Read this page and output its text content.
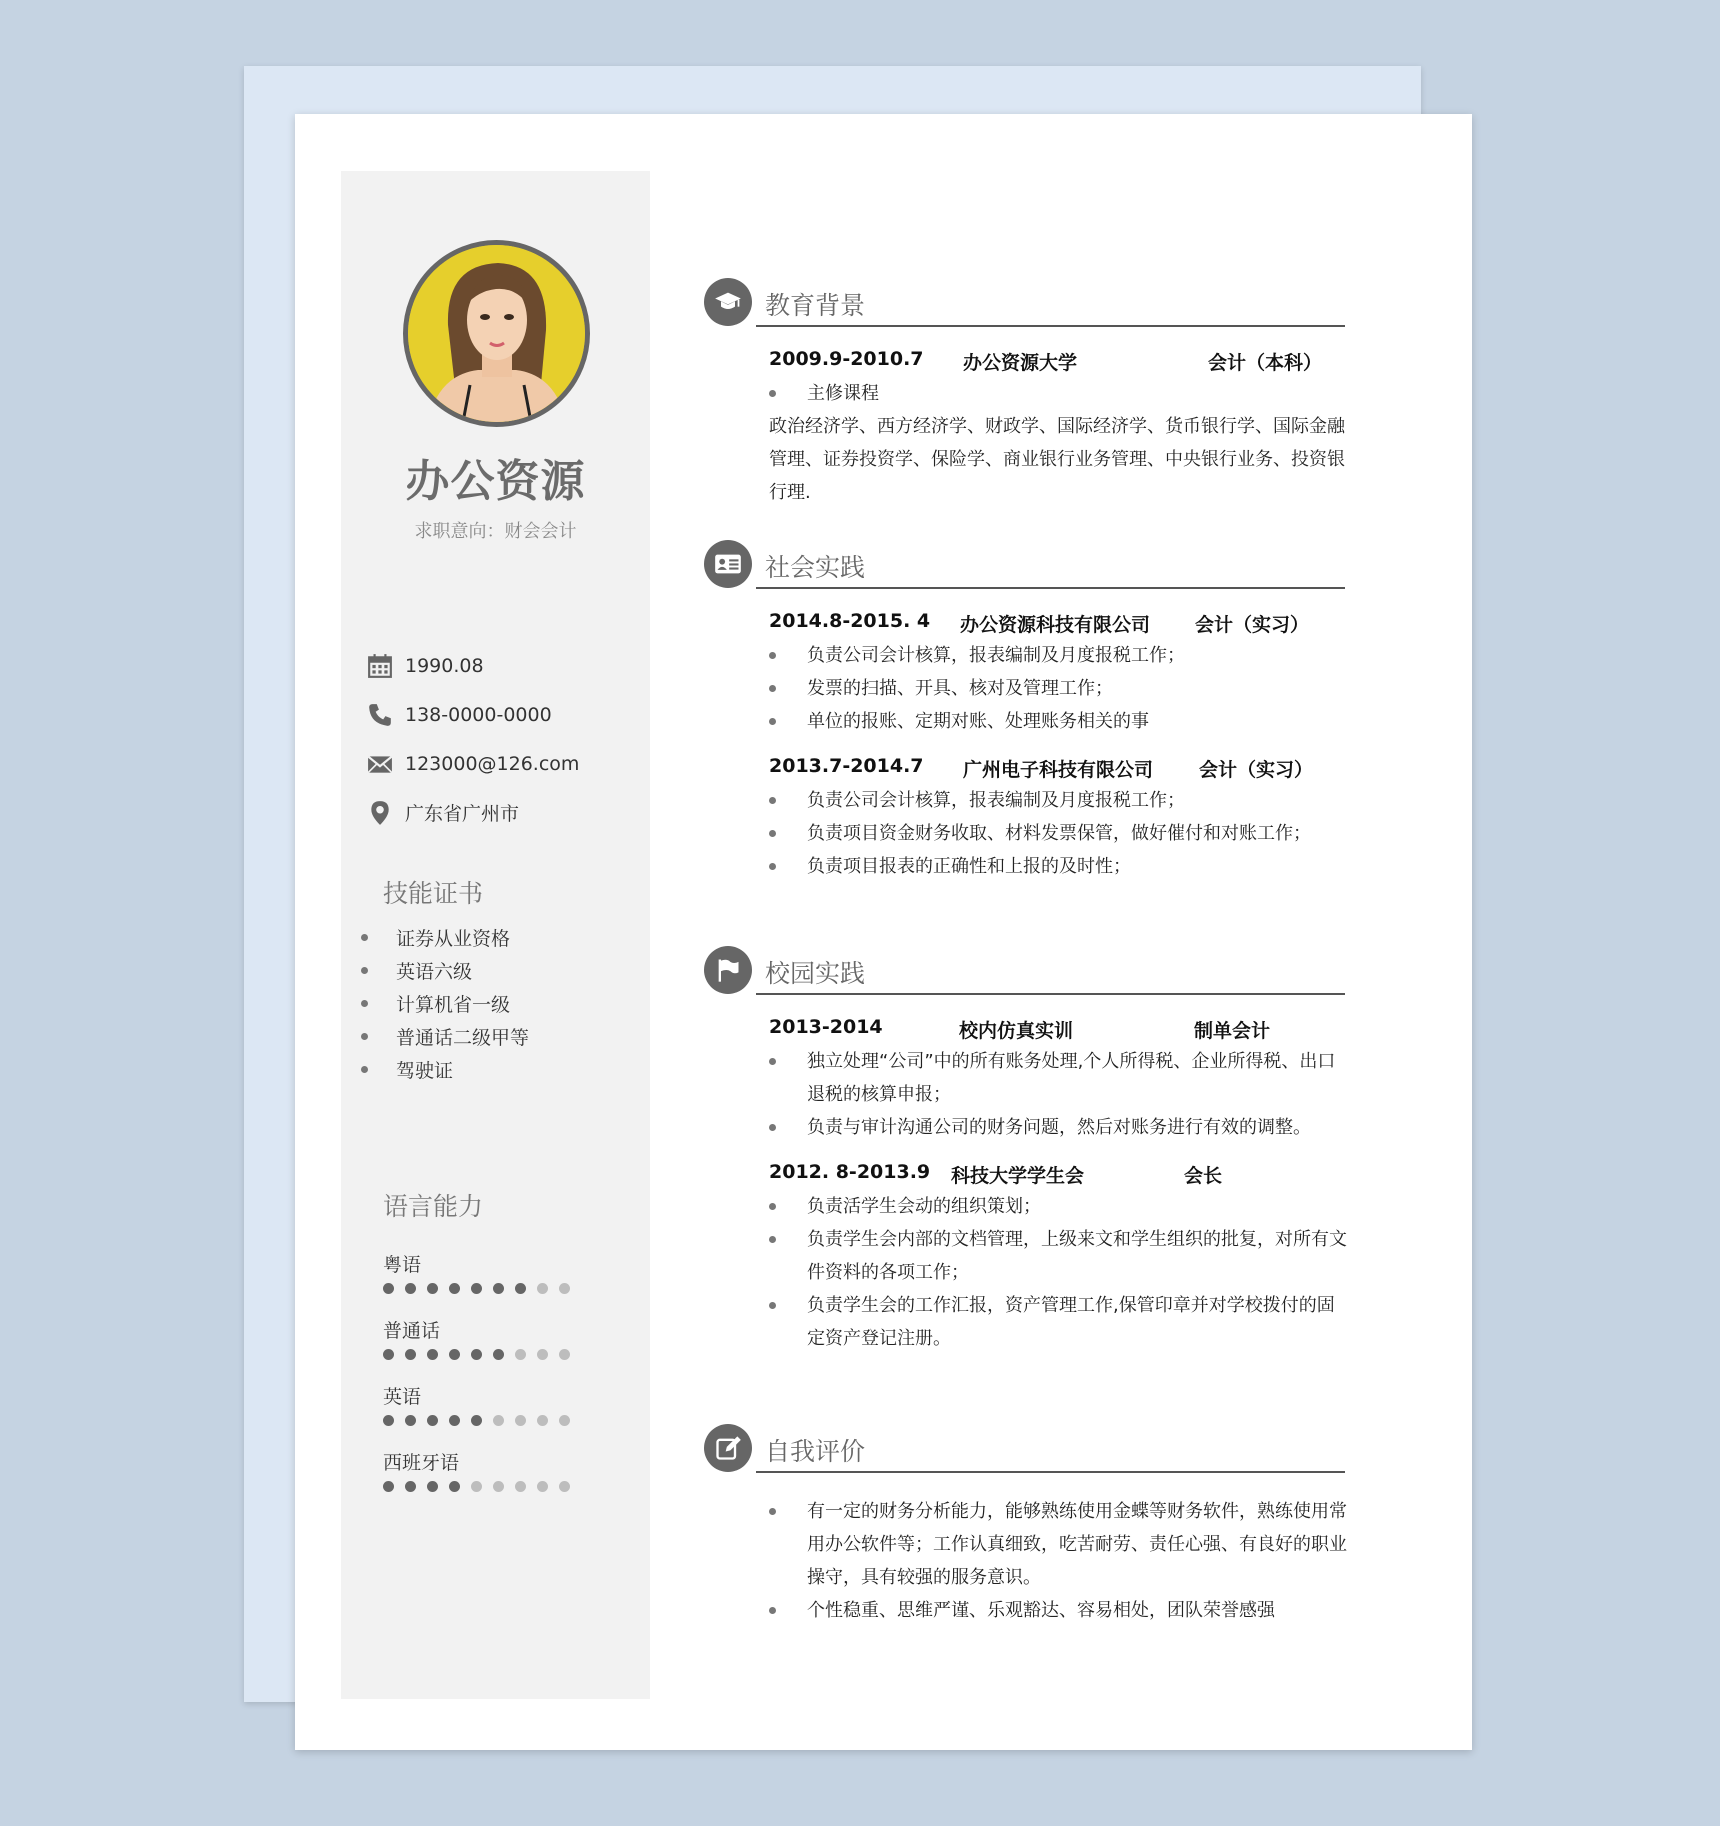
办公资源
求职意向：财会会计
1990.08
138-0000-0000
123000@126.com
广东省广州市
技能证书
证券从业资格
英语六级
计算机省一级
普通话二级甲等
驾驶证
语言能力
粤语
普通话
英语
西班牙语
教育背景
2009.9-2010.7 办公资源大学	会计（本科）
主修课程
政治经济学、西方经济学、财政学、国际经济学、货币银行学、国际金融管理、证券投资学、保险学、商业银行业务管理、中央银行业务、投资银行理.
社会实践
2014.8-2015. 4 办公资源科技有限公司 会计（实习）
负责公司会计核算，报表编制及月度报税工作；
发票的扫描、开具、核对及管理工作；
单位的报账、定期对账、处理账务相关的事
2013.7-2014.7 广州电子科技有限公司 会计（实习）
负责公司会计核算，报表编制及月度报税工作；
负责项目资金财务收取、材料发票保管，做好催付和对账工作；
负责项目报表的正确性和上报的及时性；
校园实践
2013-2014	校内仿真实训	制单会计
独立处理“公司”中的所有账务处理,个人所得税、企业所得税、出口退税的核算申报；
负责与审计沟通公司的财务问题，然后对账务进行有效的调整。
2012. 8-2013.9 科技大学学生会	会长
负责活学生会动的组织策划；
负责学生会内部的文档管理，上级来文和学生组织的批复，对所有文件资料的各项工作；
负责学生会的工作汇报，资产管理工作,保管印章并对学校拨付的固定资产登记注册。
自我评价
有一定的财务分析能力，能够熟练使用金蝶等财务软件，熟练使用常用办公软件等；工作认真细致，吃苦耐劳、责任心强、有良好的职业操守，具有较强的服务意识。
个性稳重、思维严谨、乐观豁达、容易相处，团队荣誉感强
